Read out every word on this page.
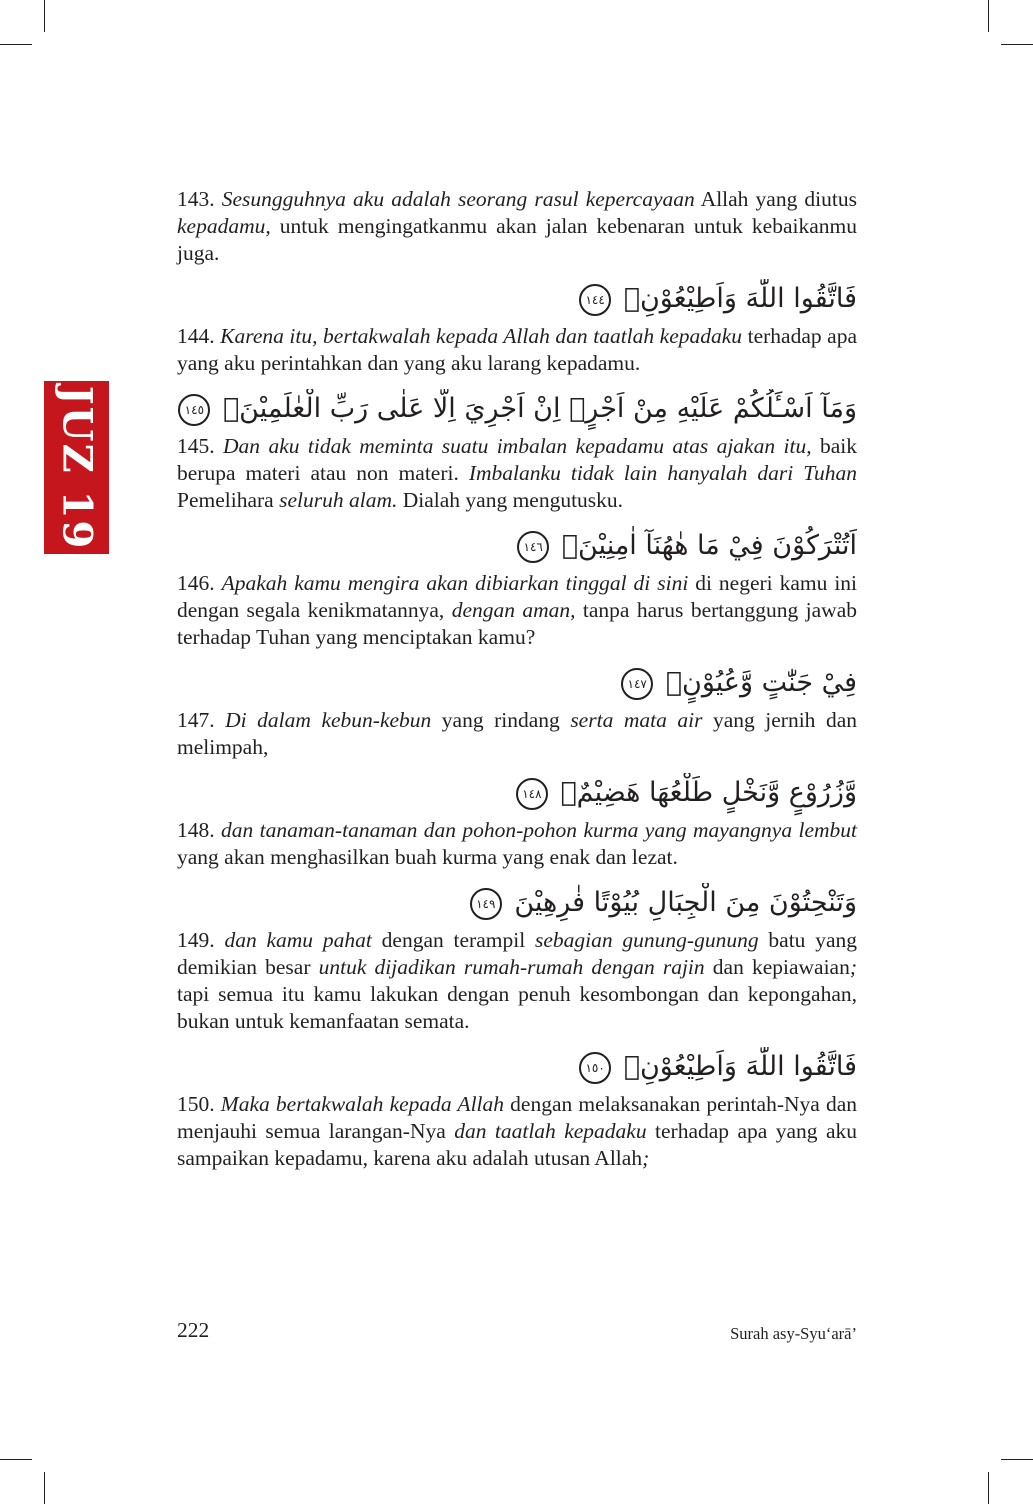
JUZ 19

143. Sesungguhnya aku adalah seorang rasul kepercayaan Allah yang diutus kepadamu, untuk mengingatkanmu akan jalan kebenaran untuk kebaikanmu juga.

فَاتَّقُوا اللّٰهَ وَاَطِيْعُوْنِۚ ١٤٤

144. Karena itu, bertakwalah kepada Allah dan taatlah kepadaku terhadap apa yang aku perintahkan dan yang aku larang kepadamu.

وَمَآ اَسْـَٔلُكُمْ عَلَيْهِ مِنْ اَجْرٍۚ اِنْ اَجْرِيَ اِلَّا عَلٰى رَبِّ الْعٰلَمِيْنَۗ ١٤٥

145. Dan aku tidak meminta suatu imbalan kepadamu atas ajakan itu, baik berupa materi atau non materi. Imbalanku tidak lain hanyalah dari Tuhan Pemelihara seluruh alam. Dialah yang mengutusku.

اَتُتْرَكُوْنَ فِيْ مَا هٰهُنَآ اٰمِنِيْنَۙ ١٤٦

146. Apakah kamu mengira akan dibiarkan tinggal di sini di negeri kamu ini dengan segala kenikmatannya, dengan aman, tanpa harus bertanggung jawab terhadap Tuhan yang menciptakan kamu?

فِيْ جَنّٰتٍ وَّعُيُوْنٍۙ ١٤٧

147. Di dalam kebun-kebun yang rindang serta mata air yang jernih dan melimpah,

وَّزُرُوْعٍ وَّنَخْلٍ طَلْعُهَا هَضِيْمٌۚ ١٤٨

148. dan tanaman-tanaman dan pohon-pohon kurma yang mayangnya lembut yang akan menghasilkan buah kurma yang enak dan lezat.

وَتَنْحِتُوْنَ مِنَ الْجِبَالِ بُيُوْتًا فٰرِهِيْنَ ١٤٩

149. dan kamu pahat dengan terampil sebagian gunung-gunung batu yang demikian besar untuk dijadikan rumah-rumah dengan rajin dan kepiawaian; tapi semua itu kamu lakukan dengan penuh kesombongan dan kepongahan, bukan untuk kemanfaatan semata.

فَاتَّقُوا اللّٰهَ وَاَطِيْعُوْنِۚ ١٥٠

150. Maka bertakwalah kepada Allah dengan melaksanakan perintah-Nya dan menjauhi semua larangan-Nya dan taatlah kepadaku terhadap apa yang aku sampaikan kepadamu, karena aku adalah utusan Allah;

222	Surah asy-Syuʻarā’
